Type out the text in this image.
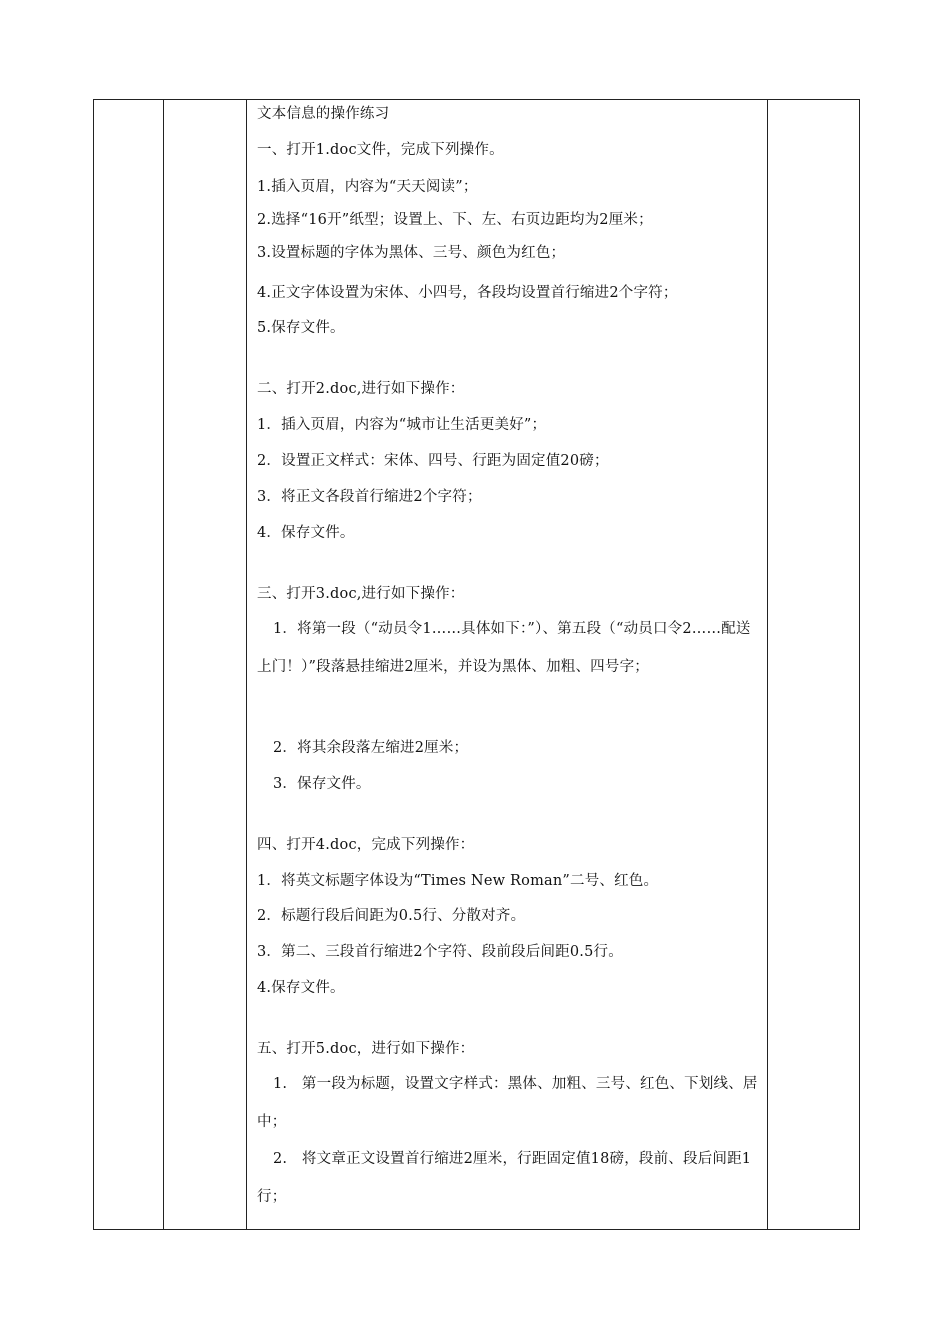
文本信息的操作练习
一、打开1.doc文件，完成下列操作。
1.插入页眉，内容为“天天阅读”；
2.选择“16开”纸型；设置上、下、左、右页边距均为2厘米；
3.设置标题的字体为黑体、三号、颜色为红色；
4.正文字体设置为宋体、小四号，各段均设置首行缩进2个字符；
5.保存文件。
二、打开2.doc,进行如下操作：
1．插入页眉，内容为“城市让生活更美好”；
2．设置正文样式：宋体、四号、行距为固定值20磅；
3．将正文各段首行缩进2个字符；
4．保存文件。
三、打开3.doc,进行如下操作：
1．将第一段（“动员令1……具体如下：”）、第五段（“动员口令2……配送上门！）”段落悬挂缩进2厘米，并设为黑体、加粗、四号字；
2．将其余段落左缩进2厘米；
3．保存文件。
四、打开4.doc，完成下列操作：
1．将英文标题字体设为“Times New Roman”二号、红色。
2．标题行段后间距为0.5行、分散对齐。
3．第二、三段首行缩进2个字符、段前段后间距0.5行。
4.保存文件。
五、打开5.doc，进行如下操作：
1.　第一段为标题，设置文字样式：黑体、加粗、三号、红色、下划线、居中；
2.　将文章正文设置首行缩进2厘米，行距固定值18磅，段前、段后间距1行；
